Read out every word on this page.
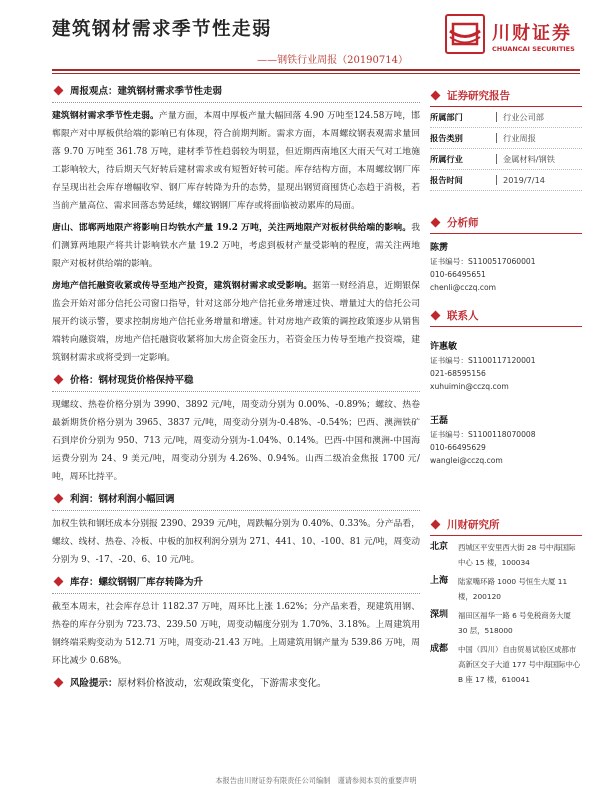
建筑钢材需求季节性走弱
——钢铁行业周报（20190714）
川财证券
CHUANCAI SECURITIES
周报观点： 建筑钢材需求季节性走弱
建筑钢材需求季节性走弱。产量方面，本周中厚板产量大幅回落 4.90 万吨至124.58万吨，邯郸限产对中厚板供给端的影响已有体现，符合前期判断。需求方面，本周螺纹钢表观需求量回落 9.70 万吨至 361.78 万吨，建材季节性趋弱较为明显，但近期西南地区大雨天气对工地施工影响较大，待后期天气好转后建材需求或有短暂好转可能。库存结构方面，本周螺纹钢厂库存呈现出社会库存增幅收窄、钢厂库存转降为升的态势，显现出钢贸商囤货心态趋于消极，若当前产量高位、需求回落态势延续，螺纹钢钢厂库存或将面临被动累库的局面。
唐山、邯郸两地限产将影响日均铁水产量 19.2 万吨，关注两地限产对板材供给端的影响。我们测算两地限产将共计影响铁水产量 19.2 万吨，考虑到板材产量受影响的程度，需关注两地限产对板材供给端的影响。
房地产信托融资收紧或传导至地产投资，建筑钢材需求或受影响。据第一财经消息，近期银保监会开始对部分信托公司窗口指导，针对这部分地产信托业务增速过快、增量过大的信托公司展开约谈示警，要求控制房地产信托业务增量和增速。针对房地产政策的调控政策逐步从销售端转向融资端，房地产信托融资收紧将加大房企资金压力，若资金压力传导至地产投资端，建筑钢材需求或将受到一定影响。
价格： 钢材现货价格保持平稳
现螺纹、热卷价格分别为 3990、3892 元/吨，周变动分别为 0.00%、-0.89%；螺纹、热卷最新期货价格分别为 3965、3837 元/吨，周变动分别为-0.48%、-0.54%；巴西、澳洲铁矿石到岸价分别为 950、713 元/吨，周变动分别为-1.04%、0.14%。巴西-中国和澳洲-中国海运费分别为 24、9 美元/吨，周变动分别为 4.26%、0.94%。山西二级冶金焦报 1700 元/吨，周环比持平。
利润： 钢材利润小幅回调
加权生铁和钢坯成本分别报 2390、2939 元/吨，周跌幅分别为 0.40%、0.33%。分产品看，螺纹、线材、热卷、冷板、中板的加权利润分别为 271、441、10、-100、81 元/吨，周变动分别为 9、-17、-20、6、10 元/吨。
库存： 螺纹钢钢厂库存转降为升
截至本周末，社会库存总计 1182.37 万吨，周环比上涨 1.62%；分产品来看，现建筑用钢、热卷的库存分别为 723.73、239.50 万吨，周变动幅度分别为 1.70%、3.18%。上周建筑用钢终端采购变动为 512.71 万吨，周变动-21.43 万吨。上周建筑用钢产量为 539.86 万吨，周环比减少 0.68%。
风险提示： 原材料价格波动，宏观政策变化，下游需求变化。
证券研究报告
所属部门	行业公司部
报告类别	行业周报
所属行业	金属材料/钢铁
报告时间	2019/7/14
分析师
陈雳
证书编号：S1100517060001
010-66495651
chenli@cczq.com
联系人
许惠敏
证书编号：S1100117120001
021-68595156
xuhuimin@cczq.com
王磊
证书编号：S1100118070008
010-66495629
wanglei@cczq.com
川财研究所
北京	西城区平安里西大街 28 号中海国际中心 15 楼，100034
上海	陆家嘴环路 1000 号恒生大厦 11 楼，200120
深圳	福田区福华一路 6 号免税商务大厦 30 层，518000
成都	中国（四川）自由贸易试验区成都市高新区交子大道 177 号中海国际中心 B 座 17 楼，610041
本报告由川财证券有限责任公司编制　谨请参阅本页的重要声明
